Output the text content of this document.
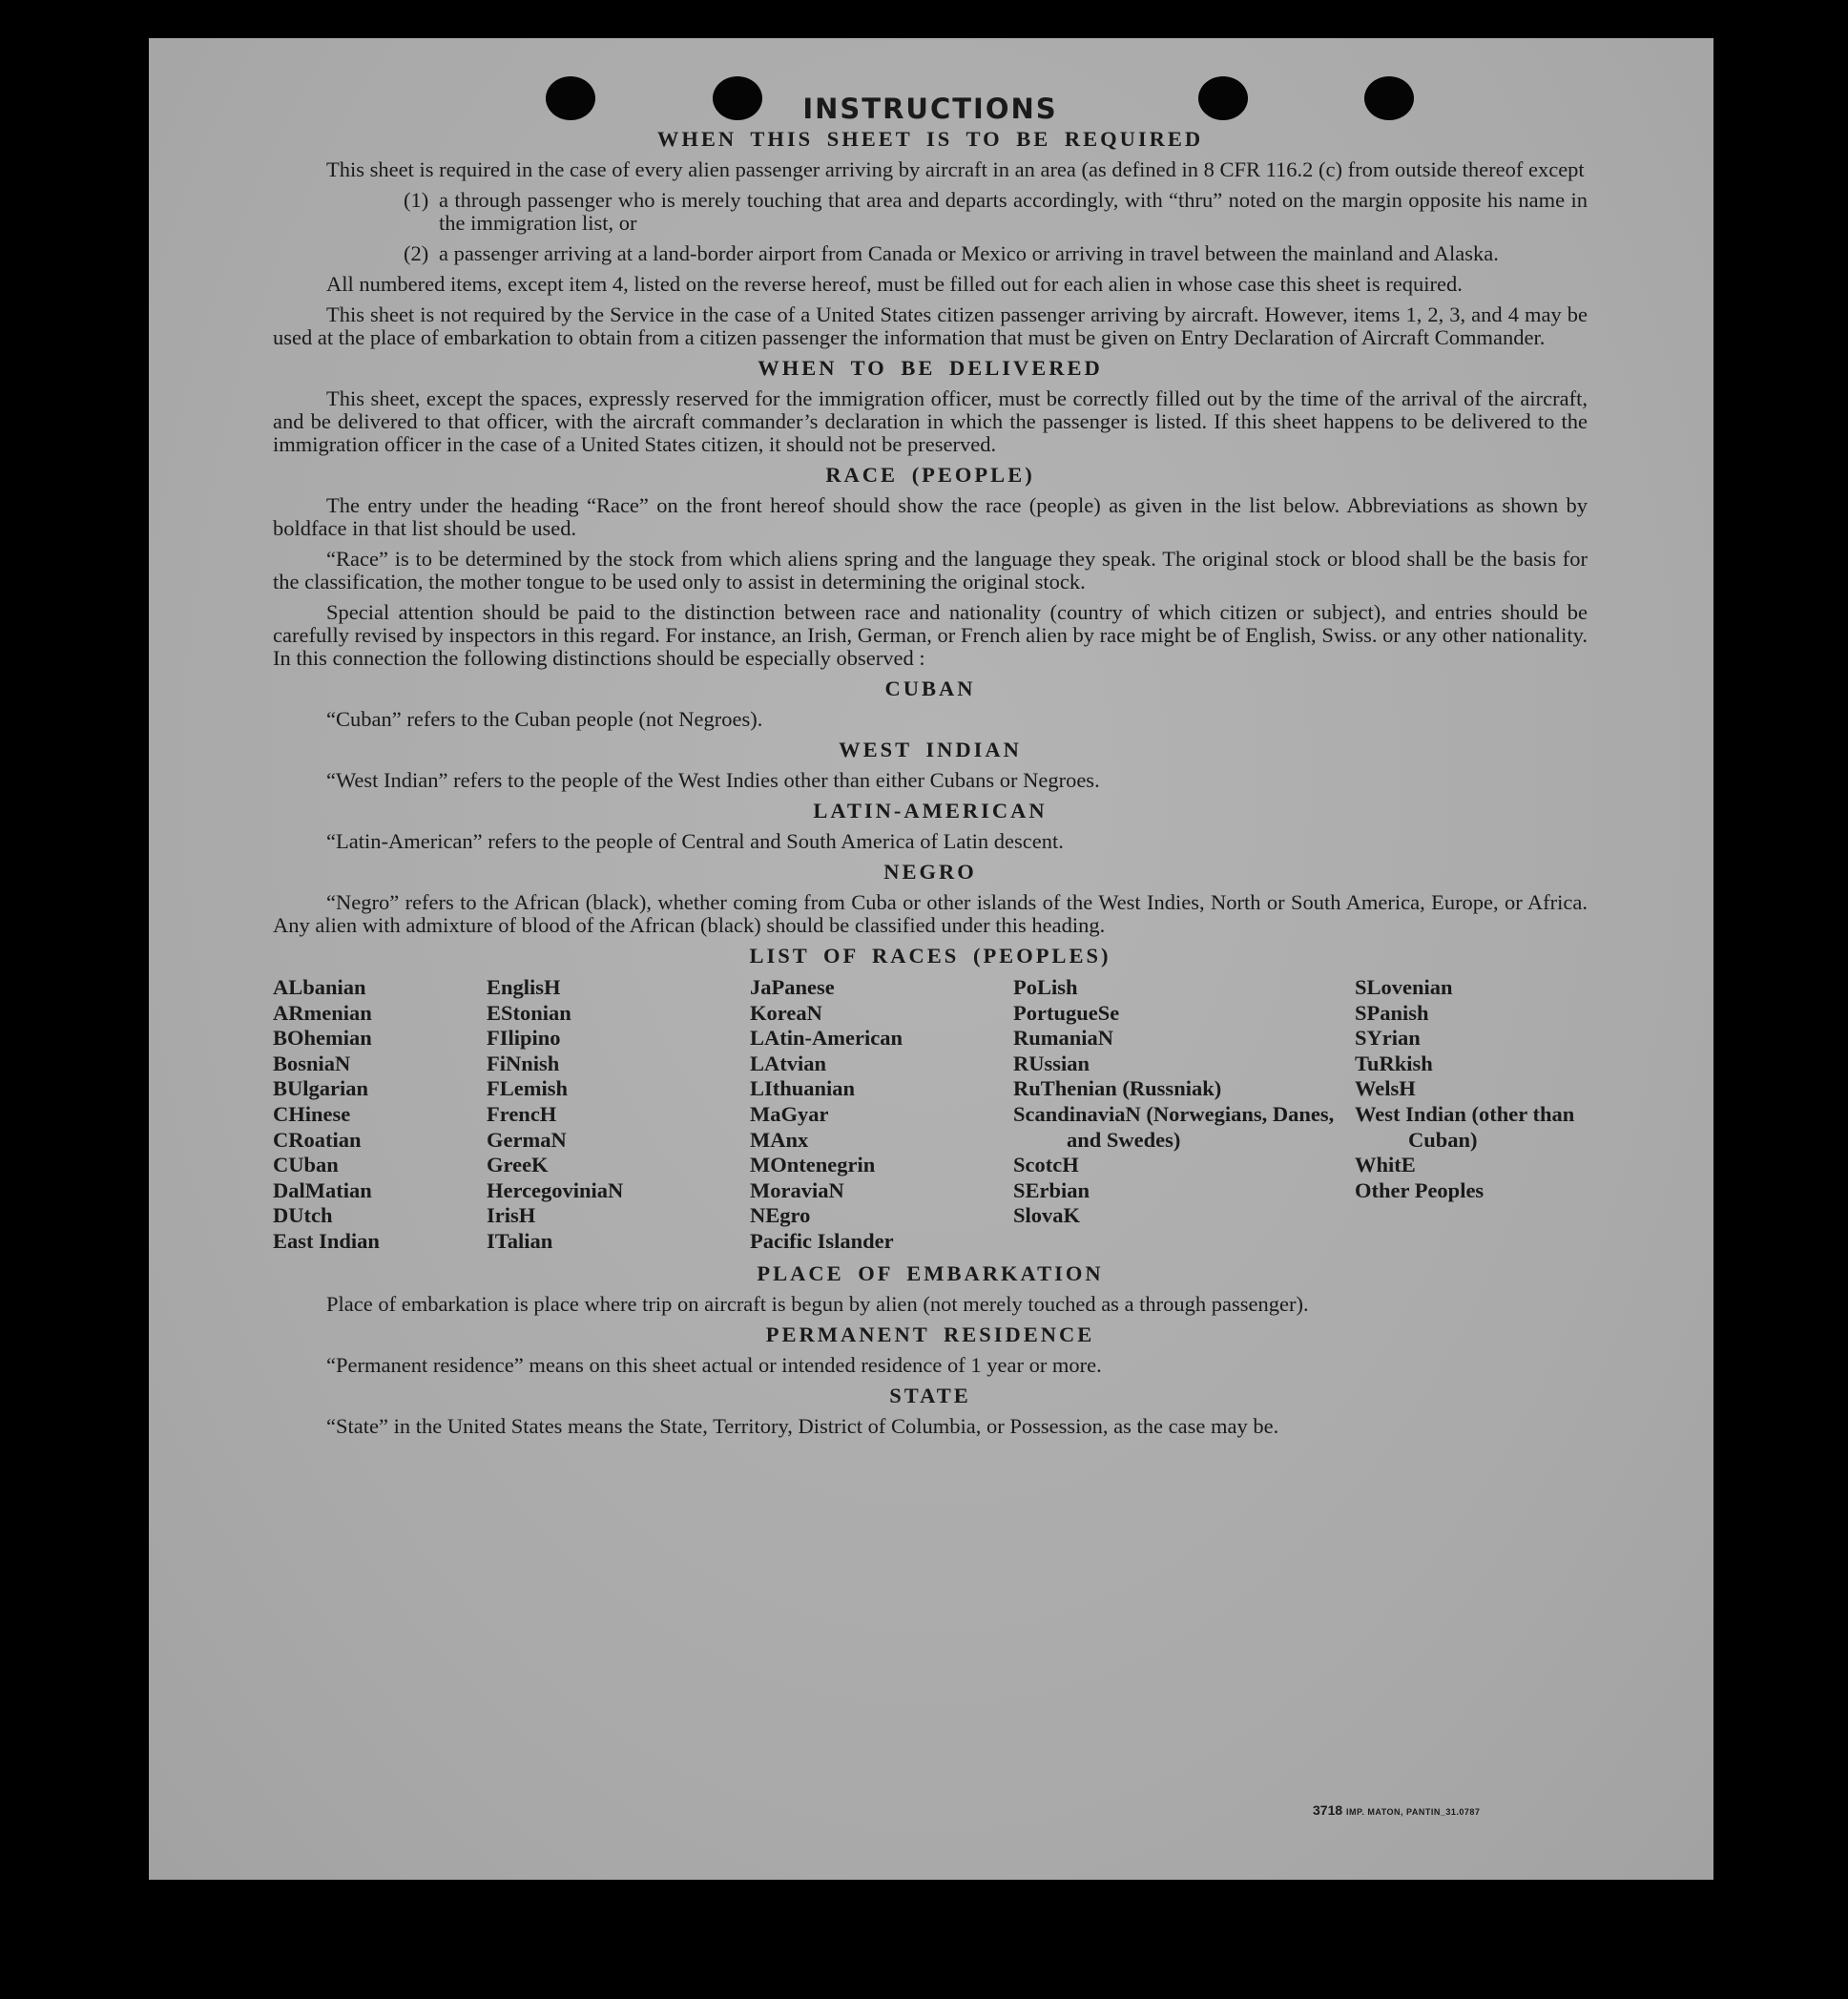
INSTRUCTIONS
WHEN THIS SHEET IS TO BE REQUIRED

This sheet is required in the case of every alien passenger arriving by aircraft in an area (as defined in 8 CFR 116.2 (c) from outside thereof except

(1) a through passenger who is merely touching that area and departs accordingly, with “thru” noted on the margin opposite his name in the immigration list, or
(2) a passenger arriving at a land-border airport from Canada or Mexico or arriving in travel between the mainland and Alaska.

All numbered items, except item 4, listed on the reverse hereof, must be filled out for each alien in whose case this sheet is required.

This sheet is not required by the Service in the case of a United States citizen passenger arriving by aircraft. However, items 1, 2, 3, and 4 may be used at the place of embarkation to obtain from a citizen passenger the information that must be given on Entry Declaration of Aircraft Commander.

WHEN TO BE DELIVERED

This sheet, except the spaces, expressly reserved for the immigration officer, must be correctly filled out by the time of the arrival of the aircraft, and be delivered to that officer, with the aircraft commander’s declaration in which the passenger is listed. If this sheet happens to be delivered to the immigration officer in the case of a United States citizen, it should not be preserved.

RACE (PEOPLE)

The entry under the heading “Race” on the front hereof should show the race (people) as given in the list below. Abbreviations as shown by boldface in that list should be used.

“Race” is to be determined by the stock from which aliens spring and the language they speak. The original stock or blood shall be the basis for the classification, the mother tongue to be used only to assist in determining the original stock.

Special attention should be paid to the distinction between race and nationality (country of which citizen or subject), and entries should be carefully revised by inspectors in this regard. For instance, an Irish, German, or French alien by race might be of English, Swiss. or any other nationality. In this connection the following distinctions should be especially observed :

CUBAN
“Cuban” refers to the Cuban people (not Negroes).
WEST INDIAN
“West Indian” refers to the people of the West Indies other than either Cubans or Negroes.
LATIN-AMERICAN
“Latin-American” refers to the people of Central and South America of Latin descent.
NEGRO

“Negro” refers to the African (black), whether coming from Cuba or other islands of the West Indies, North or South America, Europe, or Africa. Any alien with admixture of blood of the African (black) should be classified under this heading.

LIST OF RACES (PEOPLES)
ALbanian
ARmenian
BOhemian
BosniaN
BUlgarian
CHinese
CRoatian
CUban
DalMatian
DUtch
East Indian
EnglisH
EStonian
FIlipino
FiNnish
FLemish
FrencH
GermaN
GreeK
HercegoviniaN
IrisH
ITalian
JaPanese
KoreaN
LAtin-American
LAtvian
LIthuanian
MaGyar
MAnx
MOntenegrin
MoraviaN
NEgro
Pacific Islander
PoLish
PortugueSe
RumaniaN
RUssian
RuThenian (Russniak)
ScandinaviaN (Norwegians, Danes, and Swedes)
ScotcH
SErbian
SlovaK
SLovenian
SPanish
SYrian
TuRkish
WelsH
West Indian (other than Cuban)
WhitE
Other Peoples
PLACE OF EMBARKATION

Place of embarkation is place where trip on aircraft is begun by alien (not merely touched as a through passenger).

PERMANENT RESIDENCE
“Permanent residence” means on this sheet actual or intended residence of 1 year or more.
STATE
“State” in the United States means the State, Territory, District of Columbia, or Possession, as the case may be.
3718 IMP. MATON, PANTIN_31.0787
